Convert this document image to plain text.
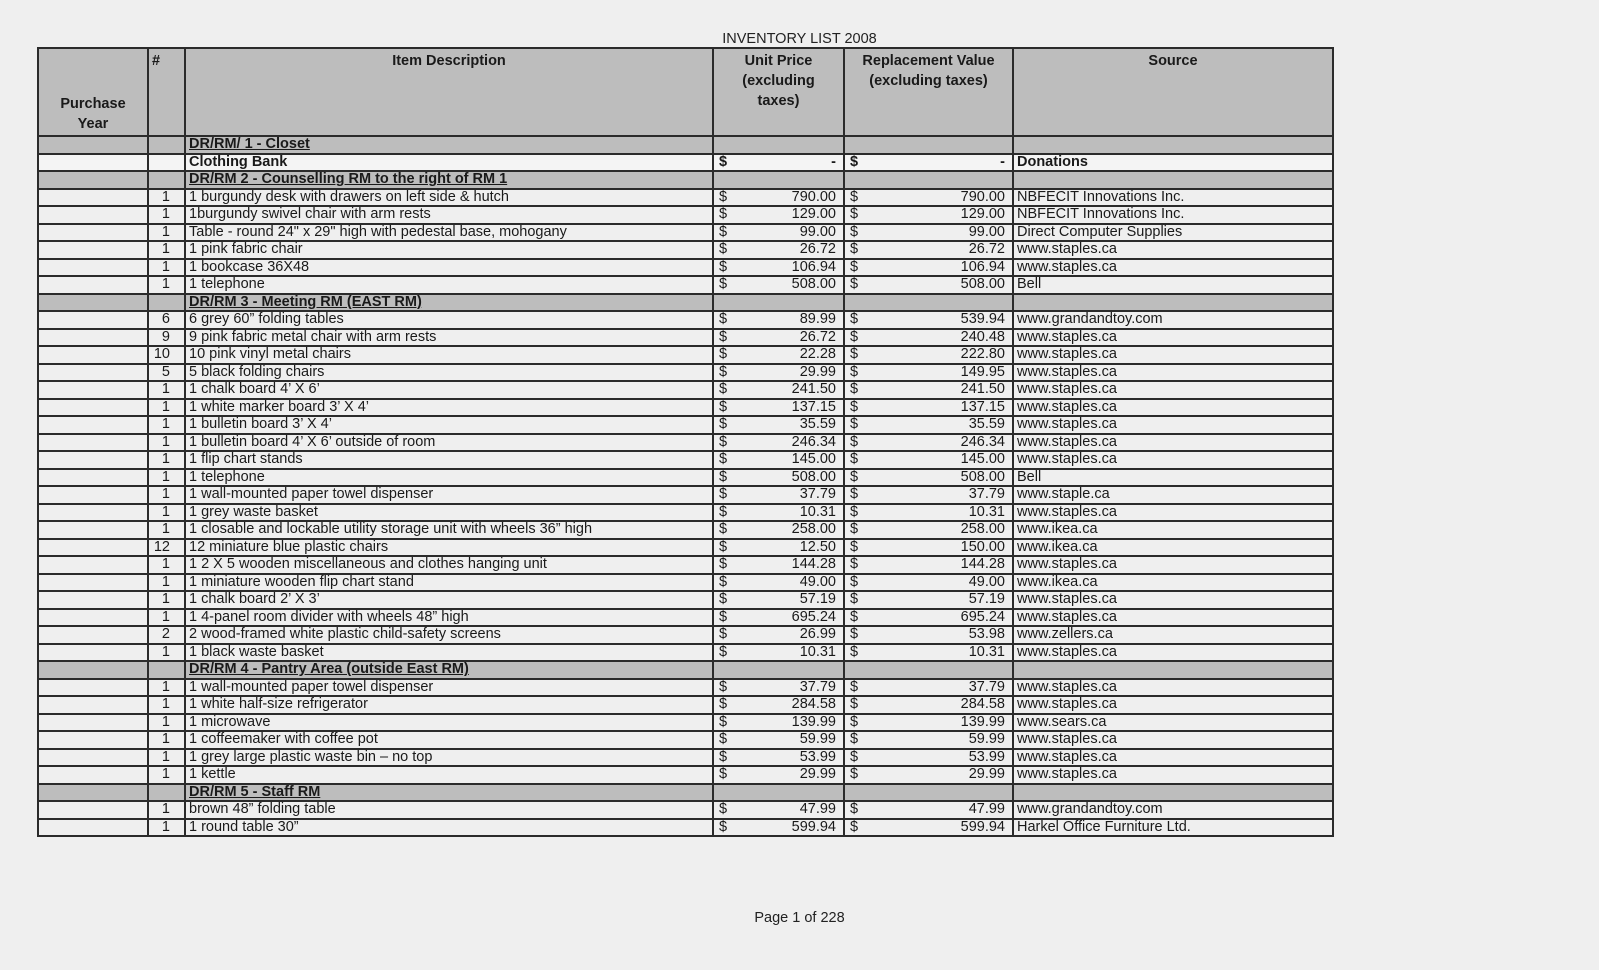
INVENTORY LIST 2008
Purchase Year	#	Item Description	Unit Price (excluding taxes)	Replacement Value (excluding taxes)	Source
		DR/RM/ 1 - Closet			
		Clothing Bank	$ -	$ -	Donations
		DR/RM 2 - Counselling RM to the right of RM 1			
	1	1 burgundy desk with drawers on left side & hutch	$ 790.00	$ 790.00	NBFECIT Innovations Inc.
	1	1burgundy swivel chair with arm rests	$ 129.00	$ 129.00	NBFECIT Innovations Inc.
	1	Table - round 24" x 29" high with pedestal base, mohogany	$ 99.00	$ 99.00	Direct Computer Supplies
	1	1 pink fabric chair	$ 26.72	$ 26.72	www.staples.ca
	1	1 bookcase 36X48	$ 106.94	$ 106.94	www.staples.ca
	1	1 telephone	$ 508.00	$ 508.00	Bell
		DR/RM 3 - Meeting RM (EAST RM)			
	6	6 grey 60” folding tables	$ 89.99	$ 539.94	www.grandandtoy.com
	9	9 pink fabric metal chair with arm rests	$ 26.72	$ 240.48	www.staples.ca
	10	10 pink vinyl metal chairs	$ 22.28	$ 222.80	www.staples.ca
	5	5 black folding chairs	$ 29.99	$ 149.95	www.staples.ca
	1	1 chalk board 4’ X 6’	$ 241.50	$ 241.50	www.staples.ca
	1	1 white marker board 3’ X 4’	$ 137.15	$ 137.15	www.staples.ca
	1	1 bulletin board 3’ X 4’	$ 35.59	$ 35.59	www.staples.ca
	1	1 bulletin board 4’ X 6’ outside of room	$ 246.34	$ 246.34	www.staples.ca
	1	1 flip chart stands	$ 145.00	$ 145.00	www.staples.ca
	1	1 telephone	$ 508.00	$ 508.00	Bell
	1	1 wall-mounted paper towel dispenser	$ 37.79	$ 37.79	www.staple.ca
	1	1 grey waste basket	$ 10.31	$ 10.31	www.staples.ca
	1	1 closable and lockable utility storage unit with wheels 36” high	$ 258.00	$ 258.00	www.ikea.ca
	12	12 miniature blue plastic chairs	$ 12.50	$ 150.00	www.ikea.ca
	1	1 2 X 5 wooden miscellaneous and clothes hanging unit	$ 144.28	$ 144.28	www.staples.ca
	1	1 miniature wooden flip chart stand	$ 49.00	$ 49.00	www.ikea.ca
	1	1 chalk board 2’ X 3’	$ 57.19	$ 57.19	www.staples.ca
	1	1 4-panel room divider with wheels 48” high	$ 695.24	$ 695.24	www.staples.ca
	2	2 wood-framed white plastic child-safety screens	$ 26.99	$ 53.98	www.zellers.ca
	1	1 black waste basket	$ 10.31	$ 10.31	www.staples.ca
		DR/RM 4 - Pantry Area (outside East RM)			
	1	1 wall-mounted paper towel dispenser	$ 37.79	$ 37.79	www.staples.ca
	1	1 white half-size refrigerator	$ 284.58	$ 284.58	www.staples.ca
	1	1 microwave	$ 139.99	$ 139.99	www.sears.ca
	1	1 coffeemaker with coffee pot	$ 59.99	$ 59.99	www.staples.ca
	1	1 grey large plastic waste bin – no top	$ 53.99	$ 53.99	www.staples.ca
	1	1 kettle	$ 29.99	$ 29.99	www.staples.ca
		DR/RM 5 - Staff RM			
	1	brown 48” folding table	$ 47.99	$ 47.99	www.grandandtoy.com
	1	1 round table 30”	$ 599.94	$ 599.94	Harkel Office Furniture Ltd.
Page 1 of 228
